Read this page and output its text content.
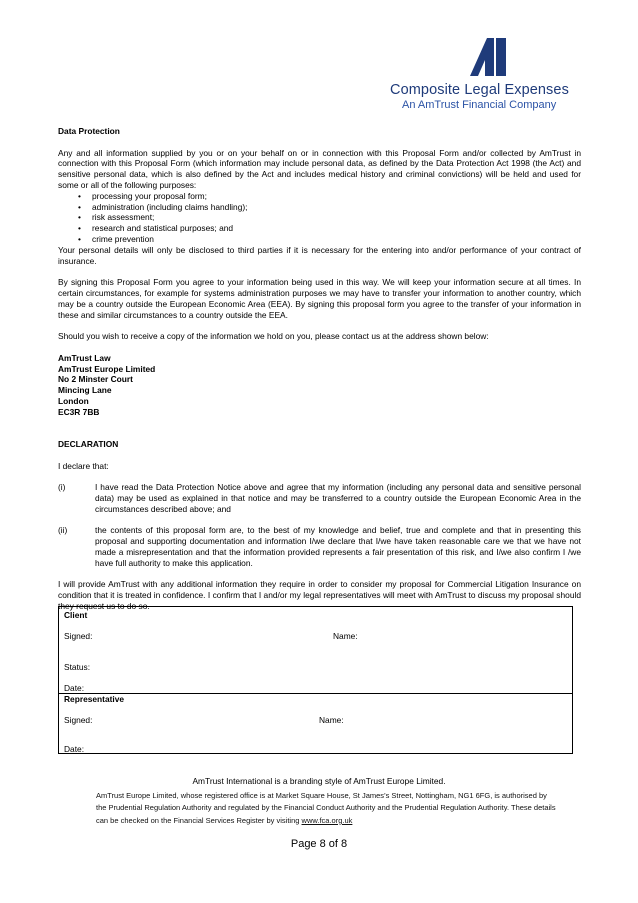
Composite Legal Expenses
An AmTrust Financial Company

Data Protection

Any and all information supplied by you or on your behalf on or in connection with this Proposal Form and/or collected by AmTrust in connection with this Proposal Form (which information may include personal data, as defined by the Data Protection Act 1998 (the Act) and sensitive personal data, which is also defined by the Act and includes medical history and criminal convictions) will be held and used for some or all of the following purposes:

• processing your proposal form;
• administration (including claims handling);
• risk assessment;
• research and statistical purposes; and
• crime prevention

Your personal details will only be disclosed to third parties if it is necessary for the entering into and/or performance of your contract of insurance.

By signing this Proposal Form you agree to your information being used in this way. We will keep your information secure at all times. In certain circumstances, for example for systems administration purposes we may have to transfer your information to another country, which may be a country outside the European Economic Area (EEA). By signing this proposal form you agree to the transfer of your information in these and similar circumstances to a country outside the EEA.

Should you wish to receive a copy of the information we hold on you, please contact us at the address shown below:

AmTrust Law
AmTrust Europe Limited
No 2 Minster Court
Mincing Lane
London
EC3R 7BB

DECLARATION

I declare that:

(i)	I have read the Data Protection Notice above and agree that my information (including any personal data and sensitive personal data) may be used as explained in that notice and may be transferred to a country outside the European Economic Area in the circumstances described above; and
(ii)	the contents of this proposal form are, to the best of my knowledge and belief, true and complete and that in presenting this proposal and supporting documentation and information I/we declare that I/we have taken reasonable care we that we have not made a misrepresentation and that the information provided represents a fair presentation of this risk, and I/we also confirm I /we have full authority to make this application.

I will provide AmTrust with any additional information they require in order to consider my proposal for Commercial Litigation Insurance on condition that it is treated in confidence. I confirm that I and/or my legal representatives will meet with AmTrust to discuss my proposal should they request us to do so.

Client
Signed:	Name:
Status:
Date:
Representative
Signed:	Name:
Date:
AmTrust International is a branding style of AmTrust Europe Limited.
AmTrust Europe Limited, whose registered office is at Market Square House, St James’s Street, Nottingham, NG1 6FG, is authorised by the Prudential Regulation Authority and regulated by the Financial Conduct Authority and the Prudential Regulation Authority. These details can be checked on the Financial Services Register by visiting www.fca.org.uk
Page 8 of 8
